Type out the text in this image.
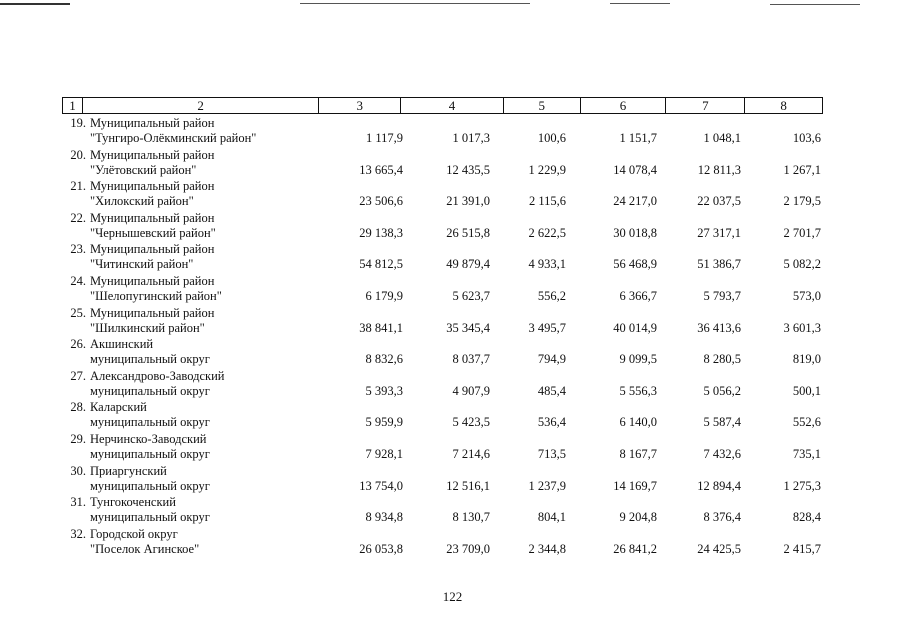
1	2	3	4	5	6	7	8
19. Муниципальный район
"Тунгиро-Олёкминский район"	1 117,9	1 017,3	100,6	1 151,7	1 048,1	103,6
20. Муниципальный район
"Улётовский район"	13 665,4	12 435,5	1 229,9	14 078,4	12 811,3	1 267,1
21. Муниципальный район
"Хилокский район"	23 506,6	21 391,0	2 115,6	24 217,0	22 037,5	2 179,5
22. Муниципальный район
"Чернышевский район"	29 138,3	26 515,8	2 622,5	30 018,8	27 317,1	2 701,7
23. Муниципальный район
"Читинский район"	54 812,5	49 879,4	4 933,1	56 468,9	51 386,7	5 082,2
24. Муниципальный район
"Шелопугинский район"	6 179,9	5 623,7	556,2	6 366,7	5 793,7	573,0
25. Муниципальный район
"Шилкинский район"	38 841,1	35 345,4	3 495,7	40 014,9	36 413,6	3 601,3
26. Акшинский
муниципальный округ	8 832,6	8 037,7	794,9	9 099,5	8 280,5	819,0
27. Александрово-Заводский
муниципальный округ	5 393,3	4 907,9	485,4	5 556,3	5 056,2	500,1
28. Каларский
муниципальный округ	5 959,9	5 423,5	536,4	6 140,0	5 587,4	552,6
29. Нерчинско-Заводский
муниципальный округ	7 928,1	7 214,6	713,5	8 167,7	7 432,6	735,1
30. Приаргунский
муниципальный округ	13 754,0	12 516,1	1 237,9	14 169,7	12 894,4	1 275,3
31. Тунгокоченский
муниципальный округ	8 934,8	8 130,7	804,1	9 204,8	8 376,4	828,4
32. Городской округ
"Поселок Агинское"	26 053,8	23 709,0	2 344,8	26 841,2	24 425,5	2 415,7
122
